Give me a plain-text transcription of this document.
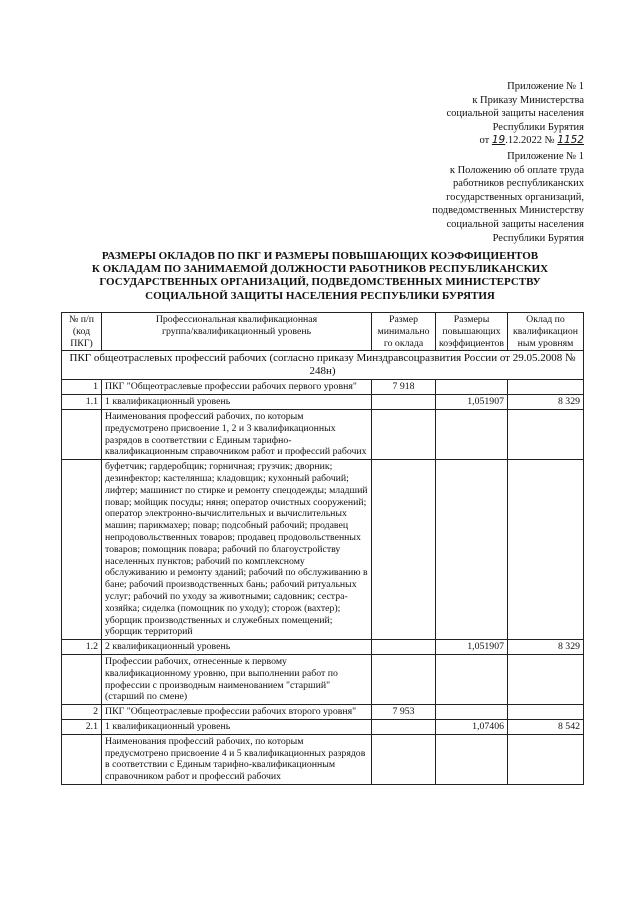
Приложение № 1
к Приказу Министерства
социальной защиты населения
Республики Бурятия
от 19.12.2022 № 1152
Приложение № 1
к Положению об оплате труда
работников республиканских
государственных организаций,
подведомственных Министерству
социальной защиты населения
Республики Бурятия
РАЗМЕРЫ ОКЛАДОВ ПО ПКГ И РАЗМЕРЫ ПОВЫШАЮЩИХ КОЭФФИЦИЕНТОВ
К ОКЛАДАМ ПО ЗАНИМАЕМОЙ ДОЛЖНОСТИ РАБОТНИКОВ РЕСПУБЛИКАНСКИХ
ГОСУДАРСТВЕННЫХ ОРГАНИЗАЦИЙ, ПОДВЕДОМСТВЕННЫХ МИНИСТЕРСТВУ
СОЦИАЛЬНОЙ ЗАЩИТЫ НАСЕЛЕНИЯ РЕСПУБЛИКИ БУРЯТИЯ
№ п/п (код ПКГ)	Профессиональная квалификационная группа/квалификационный уровень	Размер минимально го оклада	Размеры повышающих коэффициентов	Оклад по квалификацион ным уровням
ПКГ общеотраслевых профессий рабочих (согласно приказу Минздравсоцразвития России от 29.05.2008 № 248н)				
1	ПКГ "Общеотраслевые профессии рабочих первого уровня"	7 918		
1.1	1 квалификационный уровень		1,051907	8 329
	Наименования профессий рабочих, по которым предусмотрено присвоение 1, 2 и 3 квалификационных разрядов в соответствии с Единым тарифно-квалификационным справочником работ и профессий рабочих			
	буфетчик; гардеробщик; горничная; грузчик; дворник; дезинфектор; кастелянша; кладовщик; кухонный рабочий; лифтер; машинист по стирке и ремонту спецодежды; младший повар; мойщик посуды; няня; оператор очистных сооружений; оператор электронно-вычислительных и вычислительных машин; парикмахер; повар; подсобный рабочий; продавец непродовольственных товаров; продавец продовольственных товаров; помощник повара; рабочий по благоустройству населенных пунктов; рабочий по комплексному обслуживанию и ремонту зданий; рабочий по обслуживанию в бане; рабочий производственных бань; рабочий ритуальных услуг; рабочий по уходу за животными; садовник; сестра-хозяйка; сиделка (помощник по уходу); сторож (вахтер); уборщик производственных и служебных помещений; уборщик территорий			
1.2	2 квалификационный уровень		1,051907	8 329
	Профессии рабочих, отнесенные к первому квалификационному уровню, при выполнении работ по профессии с производным наименованием "старший" (старший по смене)			
2	ПКГ "Общеотраслевые профессии рабочих второго уровня"	7 953		
2.1	1 квалификационный уровень		1,07406	8 542
	Наименования профессий рабочих, по которым предусмотрено присвоение 4 и 5 квалификационных разрядов в соответствии с Единым тарифно-квалификационным справочником работ и профессий рабочих			
